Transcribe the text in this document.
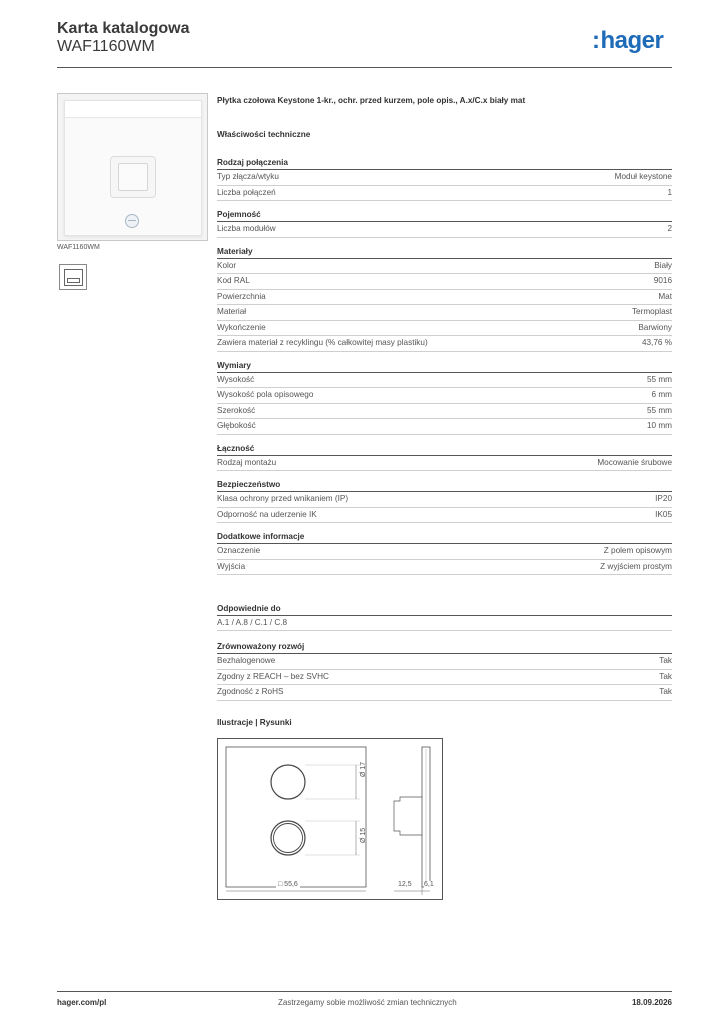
Karta katalogowa
WAF1160WM	:hager
WAF1160WM
Płytka czołowa Keystone 1-kr., ochr. przed kurzem, pole opis., A.x/C.x biały mat
Właściwości techniczne
Rodzaj połączenia
Typ złącza/wtyku	Moduł keystone
Liczba połączeń	1
Pojemność
Liczba modułów	2
Materiały
Kolor	Biały
Kod RAL	9016
Powierzchnia	Mat
Materiał	Termoplast
Wykończenie	Barwiony
Zawiera materiał z recyklingu (% całkowitej masy plastiku)	43,76 %
Wymiary
Wysokość	55 mm
Wysokość pola opisowego	6 mm
Szerokość	55 mm
Głębokość	10 mm
Łączność
Rodzaj montażu	Mocowanie śrubowe
Bezpieczeństwo
Klasa ochrony przed wnikaniem (IP)	IP20
Odporność na uderzenie IK	IK05
Dodatkowe informacje
Oznaczenie	Z polem opisowym
Wyjścia	Z wyjściem prostym
Odpowiednie do
A.1 / A.8 / C.1 / C.8
Zrównoważony rozwój
Bezhalogenowe	Tak
Zgodny z REACH – bez SVHC	Tak
Zgodność z RoHS	Tak
Ilustracje | Rysunki
Ø 17
Ø 15
□ 55,6	12,5 6,1
hager.com/pl	Zastrzegamy sobie możliwość zmian technicznych	18.09.2026
